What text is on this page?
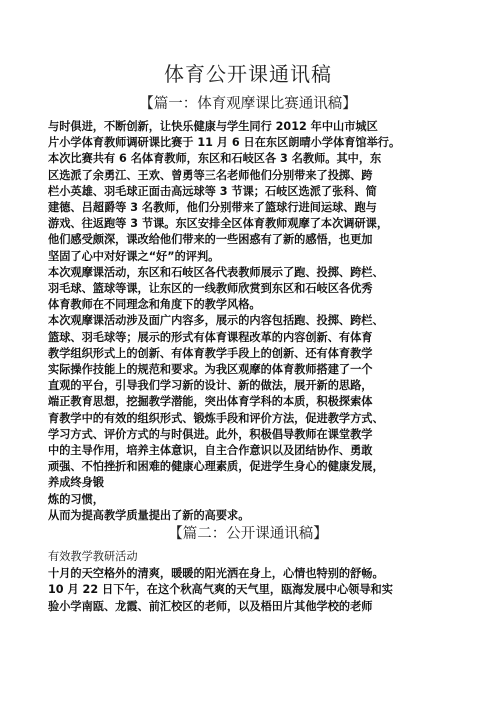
体育公开课通讯稿
【篇一：体育观摩课比赛通讯稿】
与时俱进，不断创新，让快乐健康与学生同行 2012 年中山市城区
片小学体育教师调研课比赛于 11 月 6 日在东区朗晴小学体育馆举行。
本次比赛共有 6 名体育教师，东区和石岐区各 3 名教师。其中，东
区选派了余勇江、王欢、曾勇等三名老师他们分别带来了投掷、跨
栏小英雄、羽毛球正面击高远球等 3 节课；石岐区选派了张科、简
建德、吕超爵等 3 名教师，他们分别带来了篮球行进间运球、跑与
游戏、往返跑等 3 节课。东区安排全区体育教师观摩了本次调研课，
他们感受颇深，课改给他们带来的一些困惑有了新的感悟，也更加
坚固了心中对好课之“好”的评判。
本次观摩课活动，东区和石岐区各代表教师展示了跑、投掷、跨栏、
羽毛球、篮球等课，让东区的一线教师欣赏到东区和石岐区各优秀
体育教师在不同理念和角度下的教学风格。
本次观摩课活动涉及面广内容多，展示的内容包括跑、投掷、跨栏、
篮球、羽毛球等；展示的形式有体育课程改革的内容创新、有体育
教学组织形式上的创新、有体育教学手段上的创新、还有体育教学
实际操作技能上的规范和要求。为我区观摩的体育教师搭建了一个
直观的平台，引导我们学习新的设计、新的做法，展开新的思路，
端正教育思想，挖掘教学潜能，突出体育学科的本质，积极探索体
育教学中的有效的组织形式、锻炼手段和评价方法，促进教学方式、
学习方式、评价方式的与时俱进。此外，积极倡导教师在课堂教学
中的主导作用，培养主体意识，自主合作意识以及团结协作、勇敢
顽强、不怕挫折和困难的健康心理素质，促进学生身心的健康发展，
养成终身锻
炼的习惯，
从而为提高教学质量提出了新的高要求。
【篇二：公开课通讯稿】
有效教学教研活动
十月的天空格外的清爽，暖暖的阳光洒在身上，心情也特别的舒畅。
10 月 22 日下午，在这个秋高气爽的天气里，瓯海发展中心领导和实
验小学南瓯、龙霞、前汇校区的老师，以及梧田片其他学校的老师
